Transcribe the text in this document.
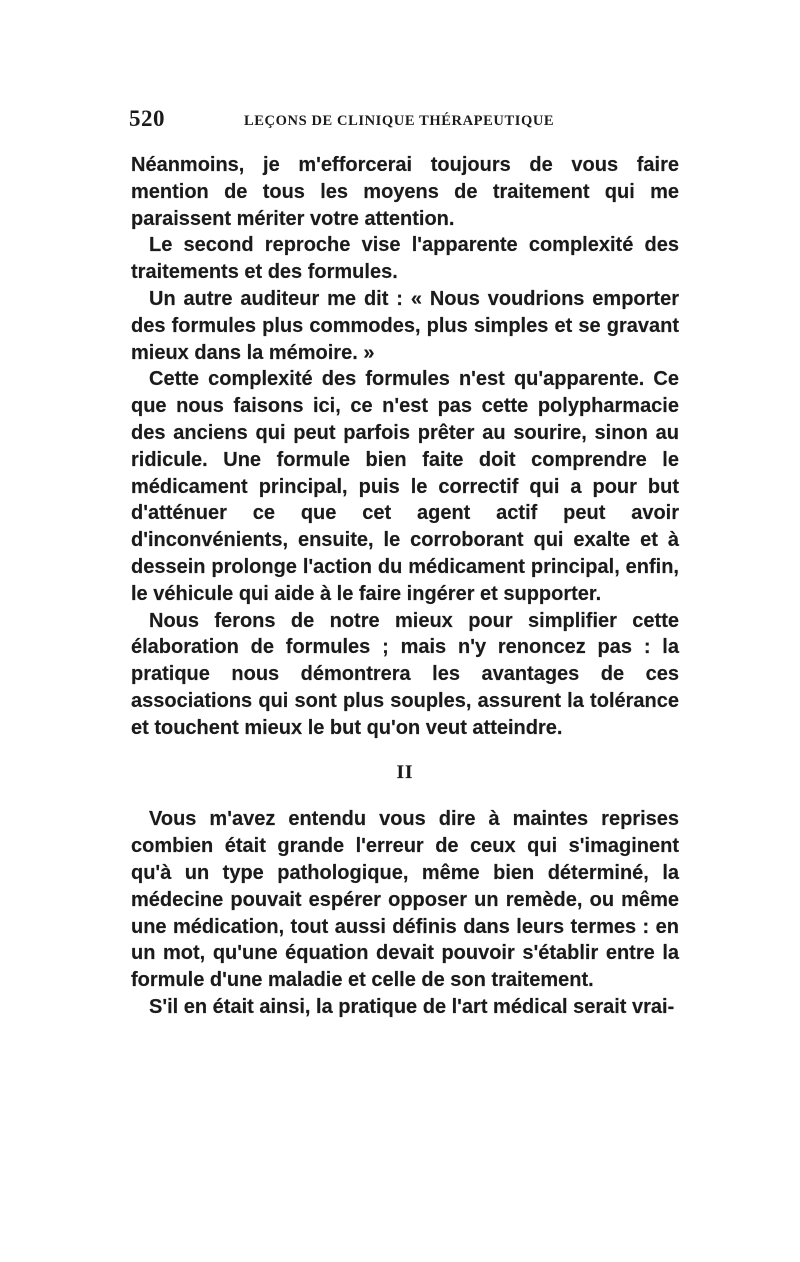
520	LEÇONS DE CLINIQUE THÉRAPEUTIQUE

Néanmoins, je m'efforcerai toujours de vous faire mention de tous les moyens de traitement qui me paraissent mériter votre attention.

Le second reproche vise l'apparente complexité des traitements et des formules.

Un autre auditeur me dit : « Nous voudrions emporter des formules plus commodes, plus simples et se gravant mieux dans la mémoire. »

Cette complexité des formules n'est qu'apparente. Ce que nous faisons ici, ce n'est pas cette polypharmacie des anciens qui peut parfois prêter au sourire, sinon au ridicule. Une formule bien faite doit comprendre le médicament principal, puis le correctif qui a pour but d'atténuer ce que cet agent actif peut avoir d'inconvénients, ensuite, le corroborant qui exalte et à dessein prolonge l'action du médicament principal, enfin, le véhicule qui aide à le faire ingérer et supporter.

Nous ferons de notre mieux pour simplifier cette élaboration de formules ; mais n'y renoncez pas : la pratique nous démontrera les avantages de ces associations qui sont plus souples, assurent la tolérance et touchent mieux le but qu'on veut atteindre.

II

Vous m'avez entendu vous dire à maintes reprises combien était grande l'erreur de ceux qui s'imaginent qu'à un type pathologique, même bien déterminé, la médecine pouvait espérer opposer un remède, ou même une médication, tout aussi définis dans leurs termes : en un mot, qu'une équation devait pouvoir s'établir entre la formule d'une maladie et celle de son traitement.

S'il en était ainsi, la pratique de l'art médical serait vrai-
